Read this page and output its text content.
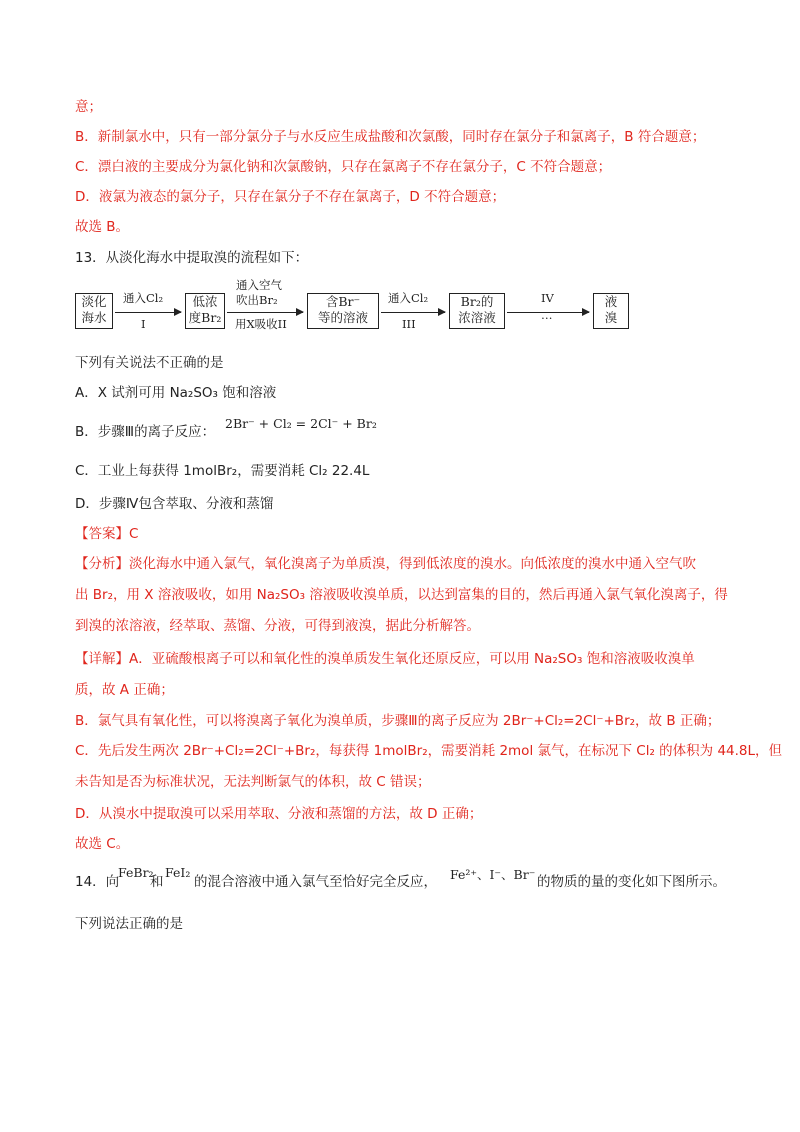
意；
B．新制氯水中，只有一部分氯分子与水反应生成盐酸和次氯酸，同时存在氯分子和氯离子，B 符合题意；
C．漂白液的主要成分为氯化钠和次氯酸钠，只存在氯离子不存在氯分子，C 不符合题意；
D．液氯为液态的氯分子，只存在氯分子不存在氯离子，D 不符合题意；
故选 B。
13．从淡化海水中提取溴的流程如下：
淡化
海水
通入Cl₂
I
低浓
度Br₂
通入空气
吹出Br₂
用X吸收II
含Br⁻
等的溶液
通入Cl₂
III
Br₂的
浓溶液
IV
…
液
溴
下列有关说法不正确的是
A．X 试剂可用 Na₂SO₃ 饱和溶液
B．步骤Ⅲ的离子反应：
2Br⁻ + Cl₂ = 2Cl⁻ + Br₂
C．工业上每获得 1molBr₂，需要消耗 Cl₂ 22.4L
D．步骤Ⅳ包含萃取、分液和蒸馏
【答案】C
【分析】淡化海水中通入氯气，氧化溴离子为单质溴，得到低浓度的溴水。向低浓度的溴水中通入空气吹
出 Br₂，用 X 溶液吸收，如用 Na₂SO₃ 溶液吸收溴单质，以达到富集的目的，然后再通入氯气氧化溴离子，得
到溴的浓溶液，经萃取、蒸馏、分液，可得到液溴，据此分析解答。
【详解】A．亚硫酸根离子可以和氧化性的溴单质发生氧化还原反应，可以用 Na₂SO₃ 饱和溶液吸收溴单
质，故 A 正确；
B．氯气具有氧化性，可以将溴离子氧化为溴单质，步骤Ⅲ的离子反应为 2Br⁻+Cl₂=2Cl⁻+Br₂，故 B 正确；
C．先后发生两次 2Br⁻+Cl₂=2Cl⁻+Br₂，每获得 1molBr₂，需要消耗 2mol 氯气，在标况下 Cl₂ 的体积为 44.8L，但
未告知是否为标准状况，无法判断氯气的体积，故 C 错误；
D．从溴水中提取溴可以采用萃取、分液和蒸馏的方法，故 D 正确；
故选 C。
14．向
FeBr₂
和
FeI₂
的混合溶液中通入氯气至恰好完全反应， Fe²⁺、I⁻、Br⁻ 的物质的量的变化如下图所示。
下列说法正确的是
